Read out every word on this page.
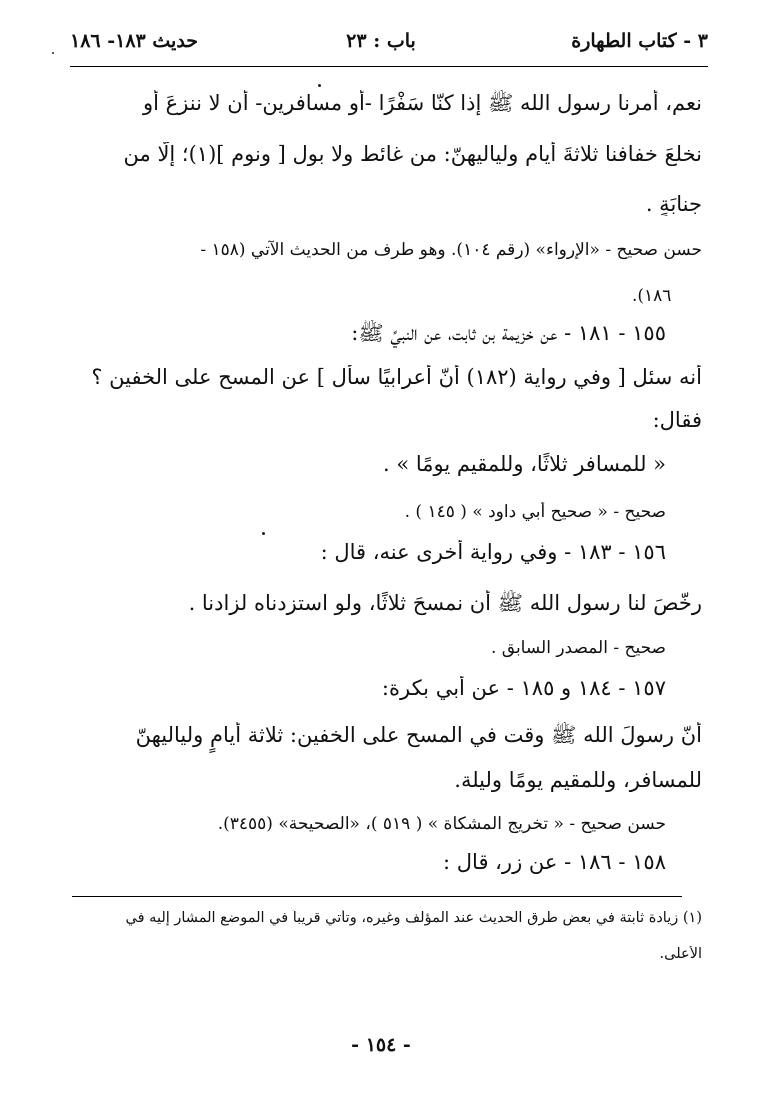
٣ - كتاب الطهارة
باب : ٢٣
حديث ١٨٣- ١٨٦
نعم، أمرنا رسول الله ﷺ إذا كنّا سَفْرًا -أو مسافرين- أن لا ننزعَ أَو
نخلعَ خفافنا ثلاثةَ أيامٍ ولياليهنّ: من غائط ولا بول [ ونوم ](١)؛ إلّا من
جنابَةٍ .
حسن صحيح - «الإرواء» (رقم ١٠٤). وهو طرف من الحديث الآتي (١٥٨ -
١٨٦).
١٥٥ - ١٨١ - عن خزيمة بن ثابت، عن النبيِّ ﷺ:
أنه سئل [ وفي رواية (١٨٢) أنّ أعرابيًا سأل ] عن المسح على الخفين ؟
فقال:
« للمسافر ثلاثًا، وللمقيم يومًا » .
صحيح - « صحيح أبي داود » ( ١٤٥ ) .
١٥٦ - ١٨٣ - وفي رواية أخرى عنه، قال :
رخّصَ لنا رسول الله ﷺ أن نمسحَ ثلاثًا، ولو استزدناه لزادنا .
صحيح - المصدر السابق .
١٥٧ - ١٨٤ و ١٨٥ - عن أبي بكرة:
أنّ رسولَ الله ﷺ وقت في المسح على الخفين: ثلاثة أيامٍ ولياليهنّ
للمسافرِ، وللمقيم يومًا وليلة.
حسن صحيح - « تخريج المشكاة » ( ٥١٩ )، «الصحيحة» (٣٤٥٥).
١٥٨ - ١٨٦ - عن زر، قال :
(١) زيادة ثابتة في بعض طرق الحديث عند المؤلف وغيره، وتأتي قريباً في الموضع المشار إليه في
الأعلى.
- ١٥٤ -
